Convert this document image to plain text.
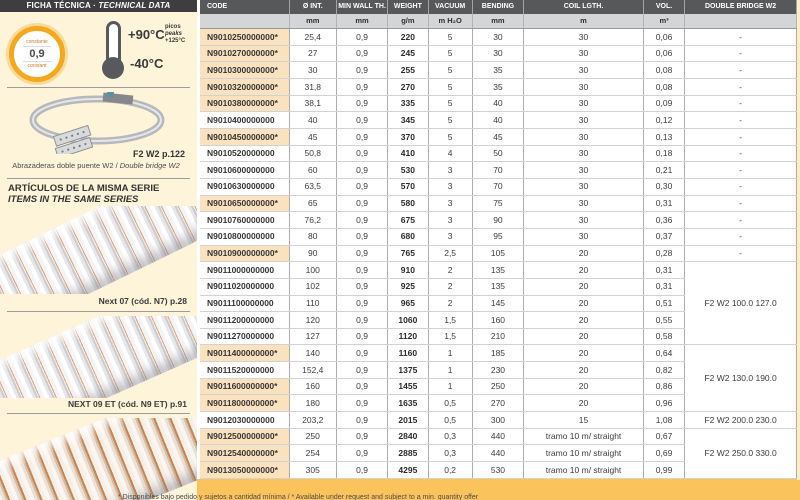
FICHA TÉCNICA · TECHNICAL DATA
constante
0,9
constant
+90°C picos
peaks
+125°C
-40°C
F2 W2 p.122
Abrazaderas doble puente W2 / Double bridge W2
ARTÍCULOS DE LA MISMA SERIE
ITEMS IN THE SAME SERIES
Next 07 (cód. N7) p.28
NEXT 09 ET (cód. N9 ET) p.91
CODE	Ø INT.	MIN WALL TH.	WEIGHT	VACUUM	BENDING	COIL LGTH.	VOL.	DOUBLE BRIDGE W2
	mm	mm	g/m	m H₂O	mm	m	m³	
N9010250000000*	25,4	0,9	220	5	30	30	0,06	-
N9010270000000*	27	0,9	245	5	30	30	0,06	-
N9010300000000*	30	0,9	255	5	35	30	0,08	-
N9010320000000*	31,8	0,9	270	5	35	30	0,08	-
N9010380000000*	38,1	0,9	335	5	40	30	0,09	-
N9010400000000	40	0,9	345	5	40	30	0,12	-
N9010450000000*	45	0,9	370	5	45	30	0,13	-
N9010520000000	50,8	0,9	410	4	50	30	0,18	-
N9010600000000	60	0,9	530	3	70	30	0,21	-
N9010630000000	63,5	0,9	570	3	70	30	0,30	-
N9010650000000*	65	0,9	580	3	75	30	0,31	-
N9010760000000	76,2	0,9	675	3	90	30	0,36	-
N9010800000000	80	0,9	680	3	95	30	0,37	-
N9010900000000*	90	0,9	765	2,5	105	20	0,28	-
N9011000000000	100	0,9	910	2	135	20	0,31	F2 W2 100.0 127.0
N9011020000000	102	0,9	925	2	135	20	0,31	
N9011100000000	110	0,9	965	2	145	20	0,51	
N9011200000000	120	0,9	1060	1,5	160	20	0,55	
N9011270000000	127	0,9	1120	1,5	210	20	0,58	
N9011400000000*	140	0,9	1160	1	185	20	0,64	F2 W2 130.0 190.0
N9011520000000	152,4	0,9	1375	1	230	20	0,82	
N9011600000000*	160	0,9	1455	1	250	20	0,86	
N9011800000000*	180	0,9	1635	0,5	270	20	0,96	
N9012030000000	203,2	0,9	2015	0,5	300	15	1,08	F2 W2 200.0 230.0
N9012500000000*	250	0,9	2840	0,3	440	tramo 10 m/ straight	0,67	F2 W2 250.0 330.0
N9012540000000*	254	0,9	2885	0,3	440	tramo 10 m/ straight	0,69	
N9013050000000*	305	0,9	4295	0,2	530	tramo 10 m/ straight	0,99	
* Disponibles bajo pedido y sujetos a cantidad mínima / * Available under request and subject to a min. quantity offer
